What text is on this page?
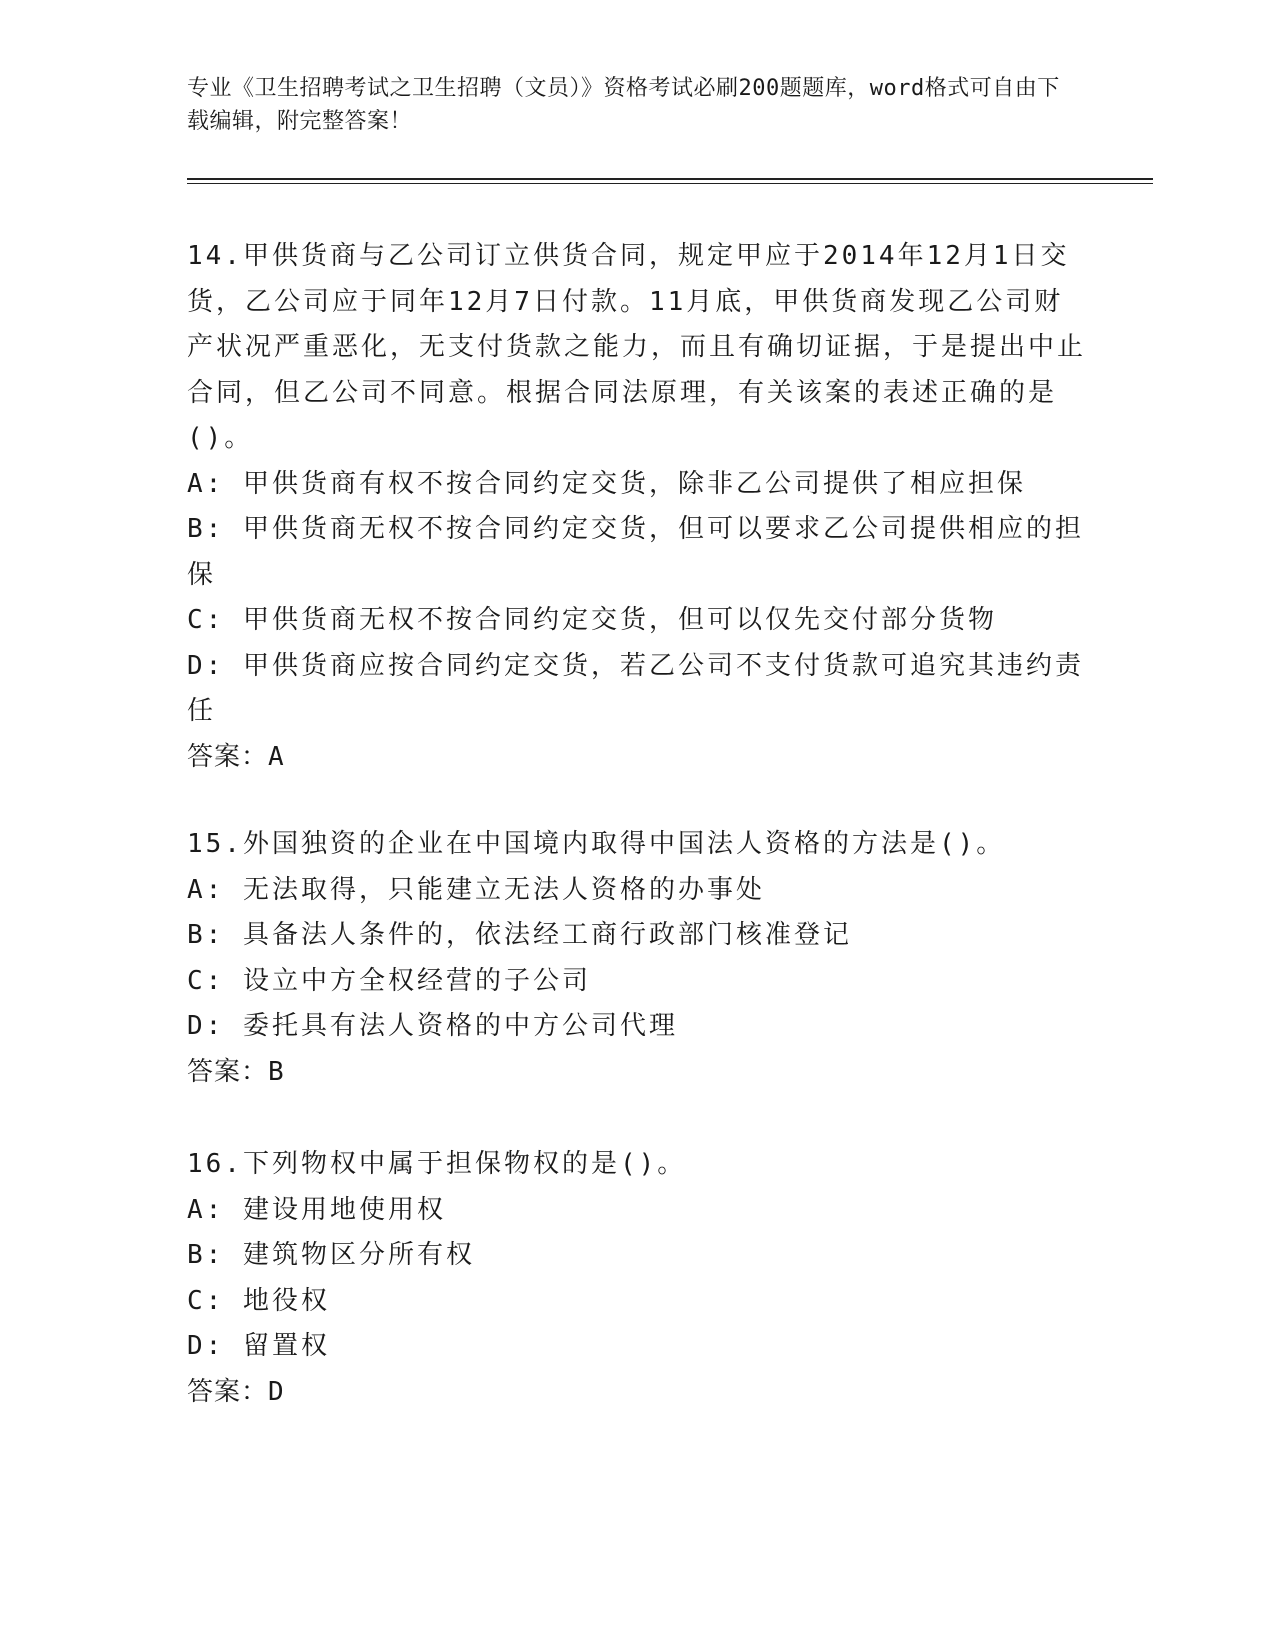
专业《卫生招聘考试之卫生招聘（文员）》资格考试必刷200题题库，word格式可自由下载编辑，附完整答案！

14.甲供货商与乙公司订立供货合同，规定甲应于2014年12月1日交货，乙公司应于同年12月7日付款。11月底，甲供货商发现乙公司财产状况严重恶化，无支付货款之能力，而且有确切证据，于是提出中止合同，但乙公司不同意。根据合同法原理，有关该案的表述正确的是()。

A: 甲供货商有权不按合同约定交货，除非乙公司提供了相应担保

B: 甲供货商无权不按合同约定交货，但可以要求乙公司提供相应的担保

C: 甲供货商无权不按合同约定交货，但可以仅先交付部分货物

D: 甲供货商应按合同约定交货，若乙公司不支付货款可追究其违约责任

答案：A

15.外国独资的企业在中国境内取得中国法人资格的方法是()。

A: 无法取得，只能建立无法人资格的办事处

B: 具备法人条件的，依法经工商行政部门核准登记

C: 设立中方全权经营的子公司

D: 委托具有法人资格的中方公司代理

答案：B

16.下列物权中属于担保物权的是()。

A: 建设用地使用权

B: 建筑物区分所有权

C: 地役权

D: 留置权

答案：D
